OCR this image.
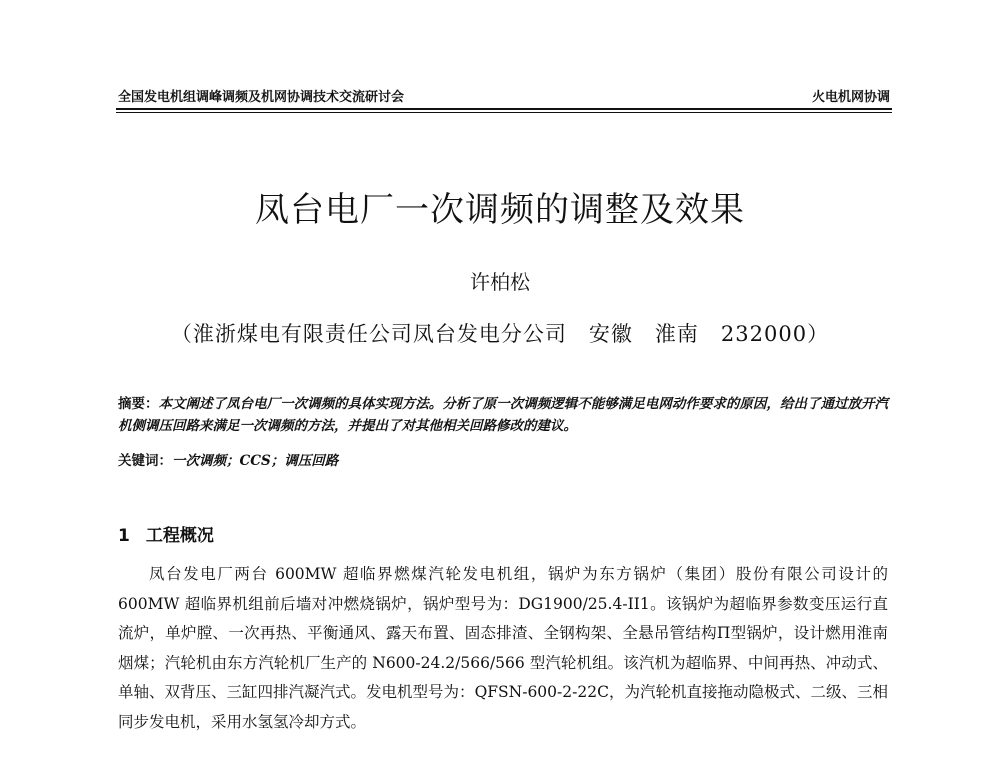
全国发电机组调峰调频及机网协调技术交流研讨会	火电机网协调
凤台电厂一次调频的调整及效果
许柏松
（淮浙煤电有限责任公司凤台发电分公司　安徽　淮南　232000）
摘要：本文阐述了凤台电厂一次调频的具体实现方法。分析了原一次调频逻辑不能够满足电网动作要求的原因，给出了通过放开汽机侧调压回路来满足一次调频的方法，并提出了对其他相关回路修改的建议。
关键词：一次调频；CCS；调压回路
1 工程概况
凤台发电厂两台 600MW 超临界燃煤汽轮发电机组，锅炉为东方锅炉（集团）股份有限公司设计的 600MW 超临界机组前后墙对冲燃烧锅炉，锅炉型号为：DG1900/25.4-II1。该锅炉为超临界参数变压运行直流炉，单炉膛、一次再热、平衡通风、露天布置、固态排渣、全钢构架、全悬吊管结构Π型锅炉，设计燃用淮南烟煤；汽轮机由东方汽轮机厂生产的 N600-24.2/566/566 型汽轮机组。该汽机为超临界、中间再热、冲动式、单轴、双背压、三缸四排汽凝汽式。发电机型号为：QFSN-600-2-22C，为汽轮机直接拖动隐极式、二级、三相同步发电机，采用水氢氢冷却方式。
